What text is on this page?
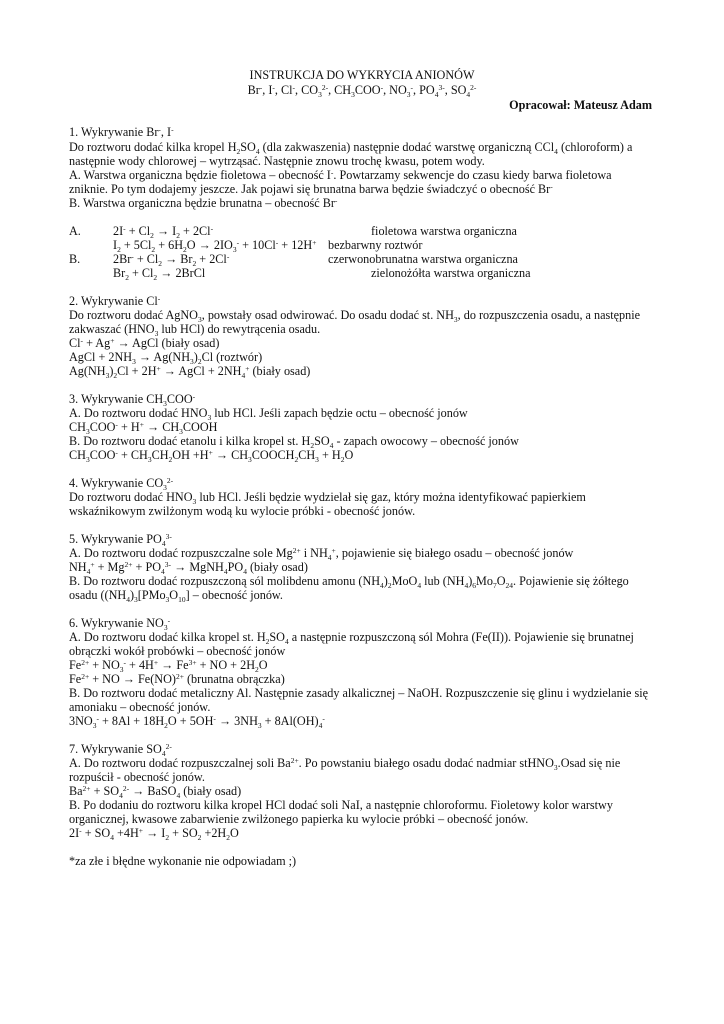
INSTRUKCJA DO WYKRYCIA ANIONÓW
Br-, I-, Cl-, $CO_3^{2-}$, $CH_3COO^-$, $NO_3^-$, $PO_4^{3-}$, $SO_4^{2-}$
Opracował: Mateusz Adam
1. Wykrywanie Br-, I-
Do roztworu dodać kilka kropel $H_2SO_4$ (dla zakwaszenia) następnie dodać warstwę organiczną CCl$_4$ (chloroform) a
następnie wody chlorowej – wytrząsać. Następnie znowu trochę kwasu, potem wody.
A. Warstwa organiczna będzie fioletowa – obecność I-. Powtarzamy sekwencje do czasu kiedy barwa fioletowa
zniknie. Po tym dodajemy jeszcze. Jak pojawi się brunatna barwa będzie świadczyć o obecność Br-
B. Warstwa organiczna będzie brunatna – obecność Br-
A.	$2I^- + Cl_2 \to I_2 + 2Cl^-$	fioletowa warstwa organiczna
$I_2 + 5Cl_2 + 6H_2O \to 2IO_3^- + 10Cl^- + 12H^+$ bezbarwny roztwór
B.	$2Br^- + Cl_2 \to Br_2 + 2Cl^-$	czerwonobrunatna warstwa organiczna
$Br_2 + Cl_2$ → 2BrCl	zielonożółta warstwa organiczna
2. Wykrywanie Cl-
Do roztworu dodać AgNO$_3$, powstały osad odwirować. Do osadu dodać st. $NH_3$, do rozpuszczenia osadu, a następnie
zakwaszać ($HNO_3$ lub HCl) do rewytrącenia osadu.
Cl- + Ag+ → AgCl (biały osad)
AgCl + $2NH_3 \to Ag(NH_3)_2Cl$ (roztwór)
$Ag(NH_3)_2Cl + 2H^+$ → AgCl + $2NH_4^+$ (biały osad)
3. Wykrywanie $CH_3COO^-$
A. Do roztworu dodać $HNO_3$ lub HCl. Jeśli zapach będzie octu – obecność jonów
$CH_3COO^- + H^+$ → $CH_3COOH$
B. Do roztworu dodać etanolu i kilka kropel st. $H_2SO_4$ - zapach owocowy – obecność jonów
$CH_3COO^- + CH_3CH_2OH +H^+$ → $CH_3COOCH_2CH_3 + H_2O$
4. Wykrywanie $CO_3^{2-}$
Do roztworu dodać $HNO_3$ lub HCl. Jeśli będzie wydzielał się gaz, który można identyfikować papierkiem
wskaźnikowym zwilżonym wodą ku wylocie próbki - obecność jonów.
5. Wykrywanie $PO_4^{3-}$
A. Do roztworu dodać rozpuszczalne sole $Mg^{2+}$ i $NH_4^+$, pojawienie się białego osadu – obecność jonów
$NH_4^+ + Mg^{2+} + PO_4^{3-}$ → $MgNH_4PO_4$ (biały osad)
B. Do roztworu dodać rozpuszczoną sól molibdenu amonu $(NH_4)_2MoO_4$ lub $(NH_4)_6Mo_7O_{24}$. Pojawienie się żółtego
osadu ($(NH_4)_3[PMo_3O_{10}]$ – obecność jonów.
6. Wykrywanie $NO_3^-$
A. Do roztworu dodać kilka kropel st. $H_2SO_4$ a następnie rozpuszczoną sól Mohra (Fe(II)). Pojawienie się brunatnej
obrączki wokół probówki – obecność jonów
$Fe^{2+} + NO_3^- + 4H^+ \to Fe^{3+}$ + NO + $2H_2O$
$Fe^{2+}$ + NO → Fe(NO)$^{2+}$ (brunatna obrączka)
B. Do roztworu dodać metaliczny Al. Następnie zasady alkalicznej – NaOH. Rozpuszczenie się glinu i wydzielanie się
amoniaku – obecność jonów.
$3NO_3^- + 8Al + 18H_2O + 5OH^- \to 3NH_3 + 8Al(OH)_4^-$
7. Wykrywanie $SO_4^{2-}$
A. Do roztworu dodać rozpuszczalnej soli $Ba^{2+}$. Po powstaniu białego osadu dodać nadmiar stHNO$_3$.Osad się nie
rozpuścił - obecność jonów.
$Ba^{2+} + SO_4^{2-}$ → BaSO$_4$ (biały osad)
B. Po dodaniu do roztworu kilka kropel HCl dodać soli NaI, a następnie chloroformu. Fioletowy kolor warstwy
organicznej, kwasowe zabarwienie zwilżonego papierka ku wylocie próbki – obecność jonów.
$2I^- + SO_4 +4H^+ \to I_2 + SO_2 +2H_2O$
*za złe i błędne wykonanie nie odpowiadam ;)
